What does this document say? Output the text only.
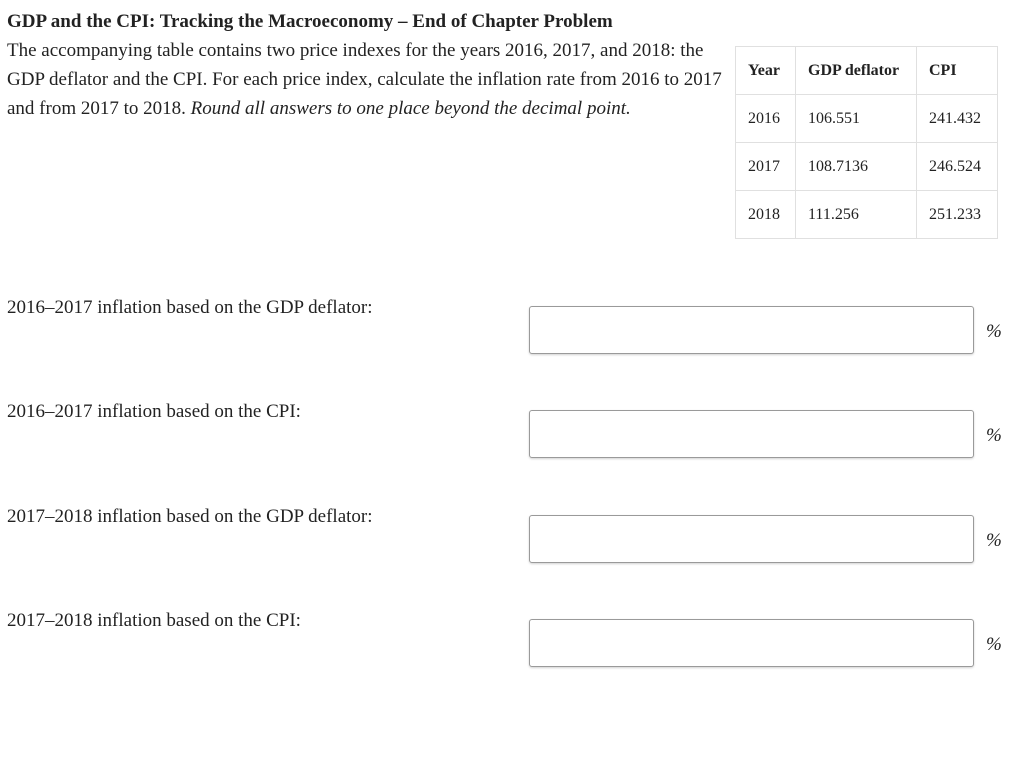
GDP and the CPI: Tracking the Macroeconomy – End of Chapter Problem

The accompanying table contains two price indexes for the years 2016, 2017, and 2018: the GDP deflator and the CPI. For each price index, calculate the inflation rate from 2016 to 2017 and from 2017 to 2018. Round all answers to one place beyond the decimal point.

Year	GDP deflator	CPI
2016	106.551	241.432
2017	108.7136	246.524
2018	111.256	251.233
2016–2017 inflation based on the GDP deflator:
%
2016–2017 inflation based on the CPI:
%
2017–2018 inflation based on the GDP deflator:
%
2017–2018 inflation based on the CPI:
%
